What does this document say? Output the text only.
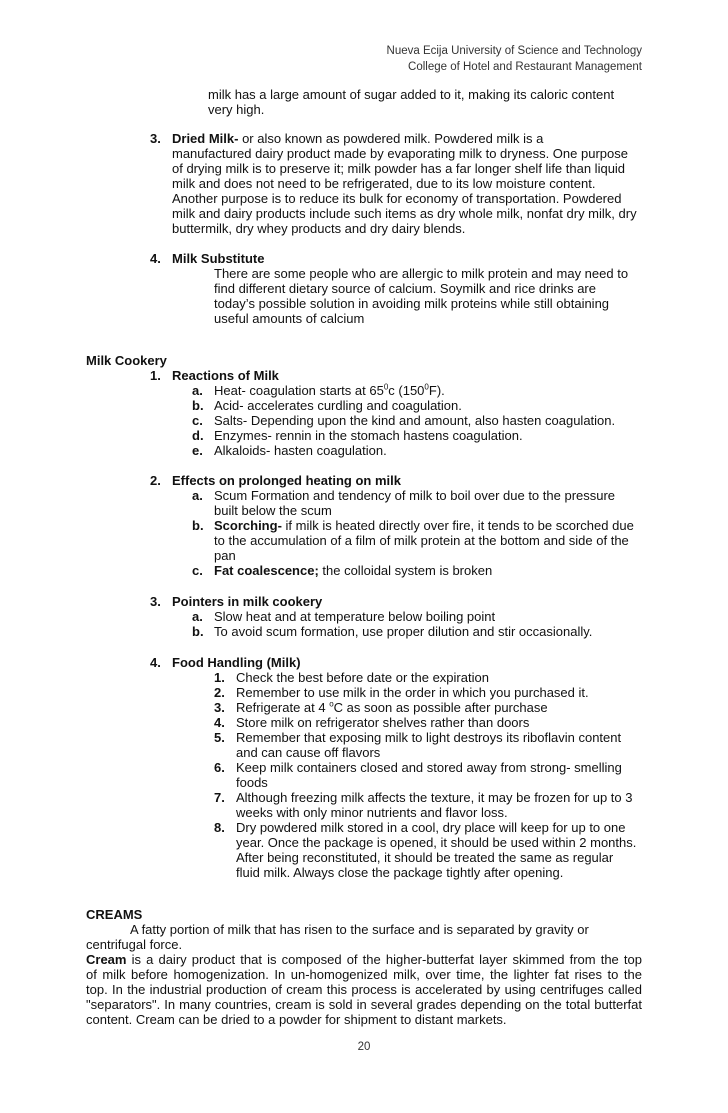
Nueva Ecija University of Science and Technology
College of Hotel and Restaurant Management
milk has a large amount of sugar added to it, making its caloric content
very high.
3. Dried Milk- or also known as powdered milk. Powdered milk is a
manufactured dairy product made by evaporating milk to dryness. One purpose
of drying milk is to preserve it; milk powder has a far longer shelf life than liquid
milk and does not need to be refrigerated, due to its low moisture content.
Another purpose is to reduce its bulk for economy of transportation. Powdered
milk and dairy products include such items as dry whole milk, nonfat dry milk, dry
buttermilk, dry whey products and dry dairy blends.
4. Milk Substitute
There are some people who are allergic to milk protein and may need to
find different dietary source of calcium. Soymilk and rice drinks are
today’s possible solution in avoiding milk proteins while still obtaining
useful amounts of calcium
Milk Cookery
1. Reactions of Milk
a. Heat- coagulation starts at $65^0c$ $(150^0F)$.
b. Acid- accelerates curdling and coagulation.
c. Salts- Depending upon the kind and amount, also hasten coagulation.
d. Enzymes- rennin in the stomach hastens coagulation.
e. Alkaloids- hasten coagulation.
2. Effects on prolonged heating on milk
a. Scum Formation and tendency of milk to boil over due to the pressure
built below the scum
b. Scorching- if milk is heated directly over fire, it tends to be scorched due
to the accumulation of a film of milk protein at the bottom and side of the
pan
c. Fat coalescence; the colloidal system is broken
3. Pointers in milk cookery
a. Slow heat and at temperature below boiling point
b. To avoid scum formation, use proper dilution and stir occasionally.
4. Food Handling (Milk)
1. Check the best before date or the expiration
2. Remember to use milk in the order in which you purchased it.
3. Refrigerate at 4 $^o$C as soon as possible after purchase
4. Store milk on refrigerator shelves rather than doors
5. Remember that exposing milk to light destroys its riboflavin content
and can cause off flavors
6. Keep milk containers closed and stored away from strong- smelling
foods
7. Although freezing milk affects the texture, it may be frozen for up to 3
weeks with only minor nutrients and flavor loss.
8. Dry powdered milk stored in a cool, dry place will keep for up to one
year. Once the package is opened, it should be used within 2 months.
After being reconstituted, it should be treated the same as regular
fluid milk. Always close the package tightly after opening.
CREAMS
A fatty portion of milk that has risen to the surface and is separated by gravity or
centrifugal force.
Cream is a dairy product that is composed of the higher-butterfat layer skimmed from the top
of milk before homogenization. In un-homogenized milk, over time, the lighter fat rises to the
top. In the industrial production of cream this process is accelerated by using centrifuges called
"separators". In many countries, cream is sold in several grades depending on the total butterfat
content. Cream can be dried to a powder for shipment to distant markets.
20
